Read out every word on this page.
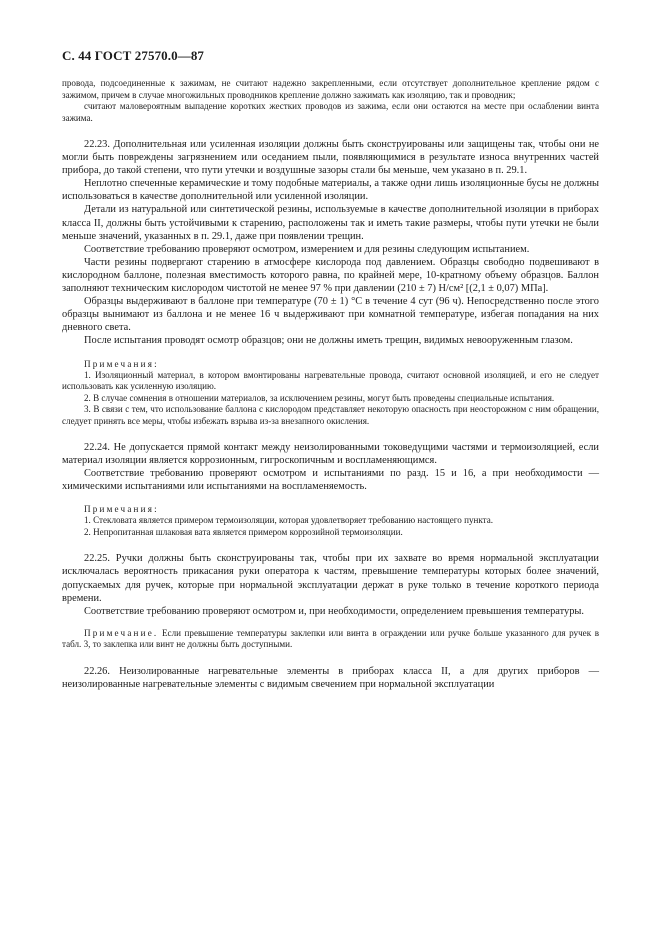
С. 44 ГОСТ 27570.0—87

провода, подсоединенные к зажимам, не считают надежно закрепленными, если отсутствует дополнительное крепление рядом с зажимом, причем в случае многожильных проводников крепление должно зажимать как изоляцию, так и проводник;

считают маловероятным выпадение коротких жестких проводов из зажима, если они остаются на месте при ослаблении винта зажима.

22.23. Дополнительная или усиленная изоляции должны быть сконструированы или защищены так, чтобы они не могли быть повреждены загрязнением или оседанием пыли, появляющимися в результате износа внутренних частей прибора, до такой степени, что пути утечки и воздушные зазоры стали бы меньше, чем указано в п. 29.1.

Неплотно спеченные керамические и тому подобные материалы, а также одни лишь изоляционные бусы не должны использоваться в качестве дополнительной или усиленной изоляции.

Детали из натуральной или синтетической резины, используемые в качестве дополнительной изоляции в приборах класса II, должны быть устойчивыми к старению, расположены так и иметь такие размеры, чтобы пути утечки не были меньше значений, указанных в п. 29.1, даже при появлении трещин.

Соответствие требованию проверяют осмотром, измерением и для резины следующим испытанием.

Части резины подвергают старению в атмосфере кислорода под давлением. Образцы свободно подвешивают в кислородном баллоне, полезная вместимость которого равна, по крайней мере, 10-кратному объему образцов. Баллон заполняют техническим кислородом чистотой не менее 97 % при давлении (210 ± 7) Н/см² [(2,1 ± 0,07) МПа].

Образцы выдерживают в баллоне при температуре (70 ± 1) °С в течение 4 сут (96 ч). Непосредственно после этого образцы вынимают из баллона и не менее 16 ч выдерживают при комнатной температуре, избегая попадания на них дневного света.

После испытания проводят осмотр образцов; они не должны иметь трещин, видимых невооруженным глазом.

Примечания:

1. Изоляционный материал, в котором вмонтированы нагревательные провода, считают основной изоляцией, и его не следует использовать как усиленную изоляцию.

2. В случае сомнения в отношении материалов, за исключением резины, могут быть проведены специальные испытания.

3. В связи с тем, что использование баллона с кислородом представляет некоторую опасность при неосторожном с ним обращении, следует принять все меры, чтобы избежать взрыва из-за внезапного окисления.

22.24. Не допускается прямой контакт между неизолированными токоведущими частями и термоизоляцией, если материал изоляции является коррозионным, гигроскопичным и воспламеняющимся.

Соответствие требованию проверяют осмотром и испытаниями по разд. 15 и 16, а при необходимости — химическими испытаниями или испытаниями на воспламеняемость.

Примечания:

1. Стекловата является примером термоизоляции, которая удовлетворяет требованию настоящего пункта.

2. Непропитанная шлаковая вата является примером коррозийной термоизоляции.

22.25. Ручки должны быть сконструированы так, чтобы при их захвате во время нормальной эксплуатации исключалась вероятность прикасания руки оператора к частям, превышение температуры которых более значений, допускаемых для ручек, которые при нормальной эксплуатации держат в руке только в течение короткого периода времени.

Соответствие требованию проверяют осмотром и, при необходимости, определением превышения температуры.

Примечание. Если превышение температуры заклепки или винта в ограждении или ручке больше указанного для ручек в табл. 3, то заклепка или винт не должны быть доступными.

22.26. Неизолированные нагревательные элементы в приборах класса II, а для других приборов — неизолированные нагревательные элементы с видимым свечением при нормальной эксплуатации
